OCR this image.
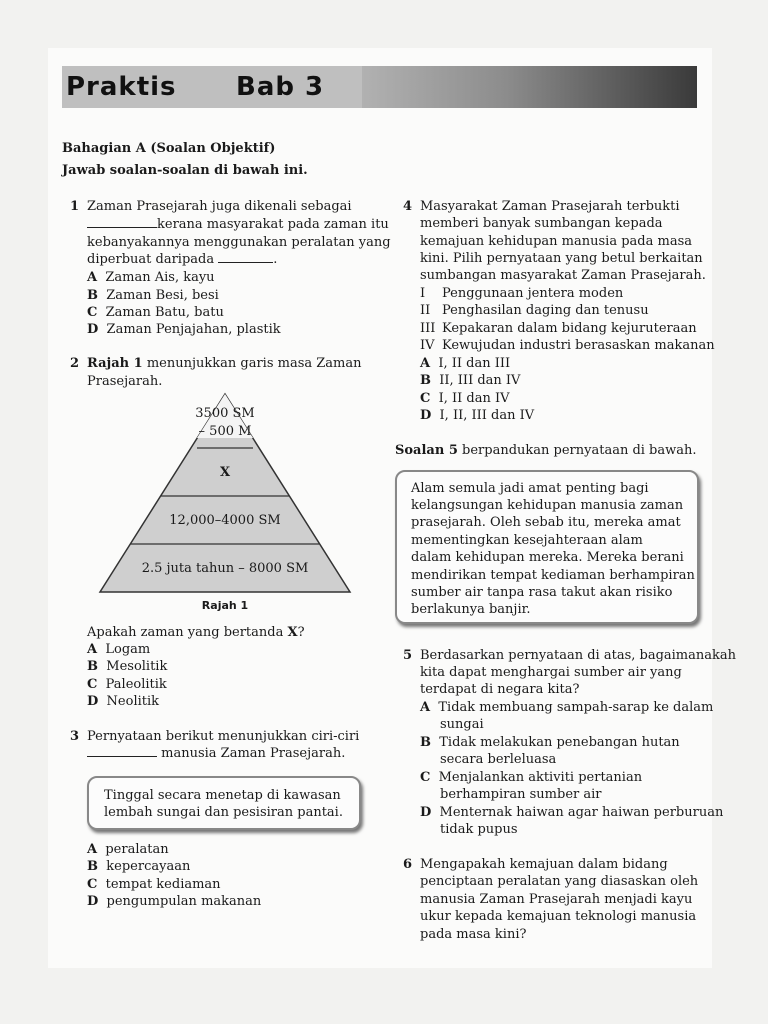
Praktis Bab 3
Bahagian A (Soalan Objektif)
Jawab soalan-soalan di bawah ini.
1 Zaman Prasejarah juga dikenali sebagai
kerana masyarakat pada zaman itu
kebanyakannya menggunakan peralatan yang
diperbuat daripada	.
A Zaman Ais, kayu
B Zaman Besi, besi
C Zaman Batu, batu
D Zaman Penjajahan, plastik
2 Rajah 1 menunjukkan garis masa Zaman
Prasejarah.
3500 SM
– 500 M
X
12,000–4000 SM
2.5 juta tahun – 8000 SM
Rajah 1
Apakah zaman yang bertanda X?
A Logam
B Mesolitik
C Paleolitik
D Neolitik
3 Pernyataan berikut menunjukkan ciri-ciri
manusia Zaman Prasejarah.
Tinggal secara menetap di kawasan
lembah sungai dan pesisiran pantai.
A peralatan
B kepercayaan
C tempat kediaman
D pengumpulan makanan
4 Masyarakat Zaman Prasejarah terbukti
memberi banyak sumbangan kepada
kemajuan kehidupan manusia pada masa
kini. Pilih pernyataan yang betul berkaitan
sumbangan masyarakat Zaman Prasejarah.
I Penggunaan jentera moden
II Penghasilan daging dan tenusu
III Kepakaran dalam bidang kejuruteraan
IV Kewujudan industri berasaskan makanan
A I, II dan III
B II, III dan IV
C I, II dan IV
D I, II, III dan IV
Soalan 5 berpandukan pernyataan di bawah.
Alam semula jadi amat penting bagi
kelangsungan kehidupan manusia zaman
prasejarah. Oleh sebab itu, mereka amat
mementingkan kesejahteraan alam
dalam kehidupan mereka. Mereka berani
mendirikan tempat kediaman berhampiran
sumber air tanpa rasa takut akan risiko
berlakunya banjir.
5 Berdasarkan pernyataan di atas, bagaimanakah
kita dapat menghargai sumber air yang
terdapat di negara kita?
A Tidak membuang sampah-sarap ke dalam
sungai
B Tidak melakukan penebangan hutan
secara berleluasa
C Menjalankan aktiviti pertanian
berhampiran sumber air
D Menternak haiwan agar haiwan perburuan
tidak pupus
6 Mengapakah kemajuan dalam bidang
penciptaan peralatan yang diasaskan oleh
manusia Zaman Prasejarah menjadi kayu
ukur kepada kemajuan teknologi manusia
pada masa kini?
